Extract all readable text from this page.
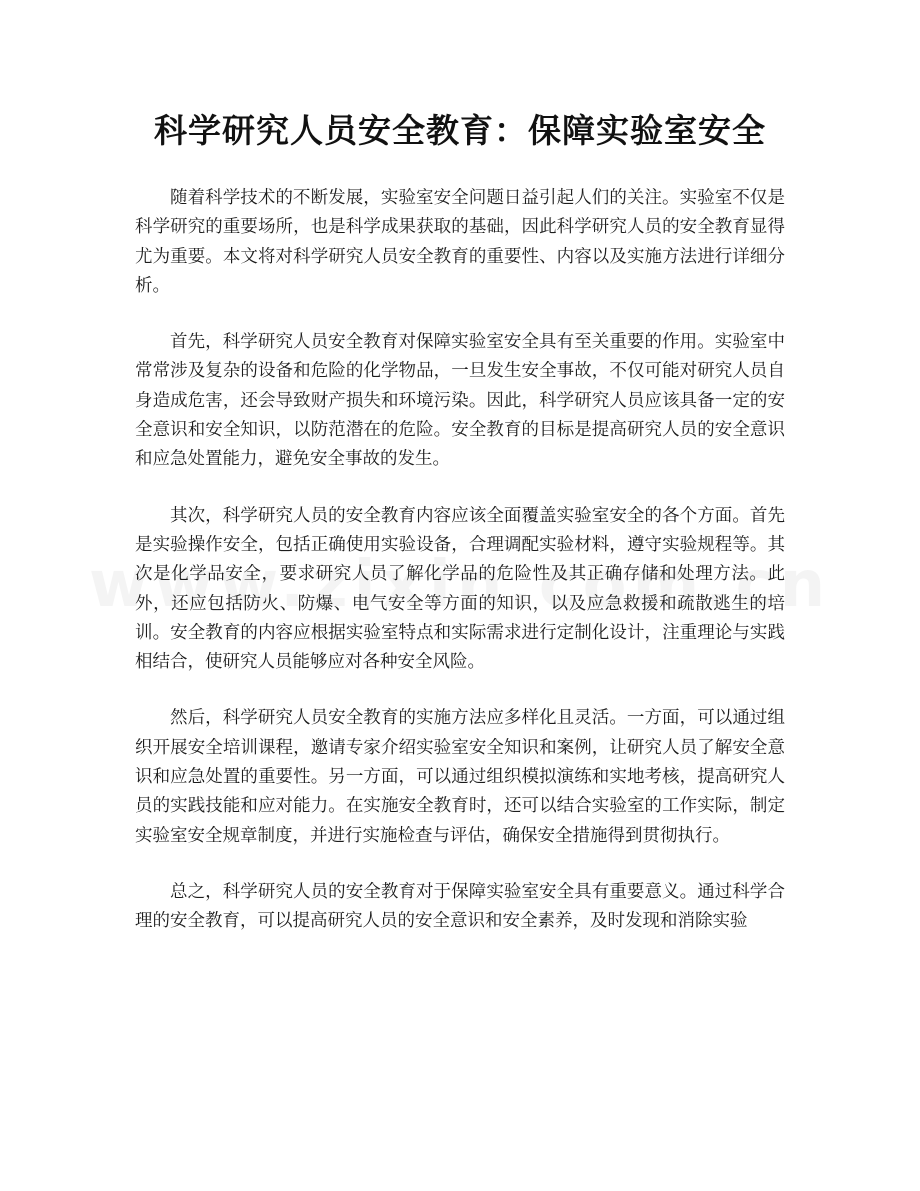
科学研究人员安全教育：保障实验室安全

随着科学技术的不断发展，实验室安全问题日益引起人们的关注。实验室不仅是科学研究的重要场所，也是科学成果获取的基础，因此科学研究人员的安全教育显得尤为重要。本文将对科学研究人员安全教育的重要性、内容以及实施方法进行详细分析。

首先，科学研究人员安全教育对保障实验室安全具有至关重要的作用。实验室中常常涉及复杂的设备和危险的化学物品，一旦发生安全事故，不仅可能对研究人员自身造成危害，还会导致财产损失和环境污染。因此，科学研究人员应该具备一定的安全意识和安全知识，以防范潜在的危险。安全教育的目标是提高研究人员的安全意识和应急处置能力，避免安全事故的发生。

其次，科学研究人员的安全教育内容应该全面覆盖实验室安全的各个方面。首先是实验操作安全，包括正确使用实验设备，合理调配实验材料，遵守实验规程等。其次是化学品安全，要求研究人员了解化学品的危险性及其正确存储和处理方法。此外，还应包括防火、防爆、电气安全等方面的知识，以及应急救援和疏散逃生的培训。安全教育的内容应根据实验室特点和实际需求进行定制化设计，注重理论与实践相结合，使研究人员能够应对各种安全风险。

然后，科学研究人员安全教育的实施方法应多样化且灵活。一方面，可以通过组织开展安全培训课程，邀请专家介绍实验室安全知识和案例，让研究人员了解安全意识和应急处置的重要性。另一方面，可以通过组织模拟演练和实地考核，提高研究人员的实践技能和应对能力。在实施安全教育时，还可以结合实验室的工作实际，制定实验室安全规章制度，并进行实施检查与评估，确保安全措施得到贯彻执行。

总之，科学研究人员的安全教育对于保障实验室安全具有重要意义。通过科学合理的安全教育，可以提高研究人员的安全意识和安全素养，及时发现和消除实验
